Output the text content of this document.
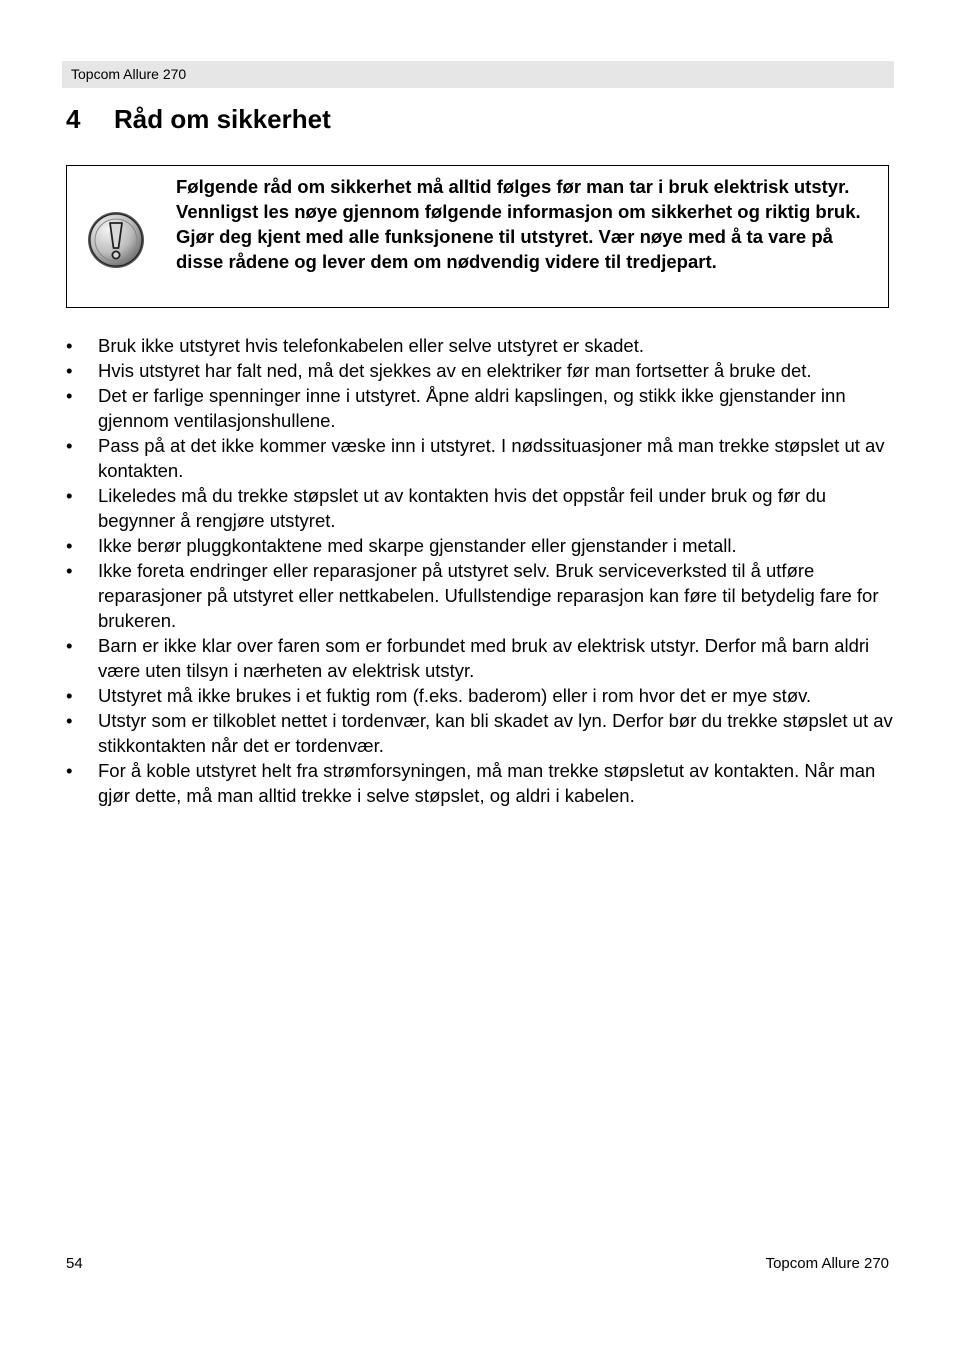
Topcom Allure 270
4 Råd om sikkerhet

Følgende råd om sikkerhet må alltid følges før man tar i bruk elektrisk utstyr.

Vennligst les nøye gjennom følgende informasjon om sikkerhet og riktig bruk. Gjør deg kjent med alle funksjonene til utstyret. Vær nøye med å ta vare på disse rådene og lever dem om nødvendig videre til tredjepart.

• Bruk ikke utstyret hvis telefonkabelen eller selve utstyret er skadet.
• Hvis utstyret har falt ned, må det sjekkes av en elektriker før man fortsetter å bruke det.
• Det er farlige spenninger inne i utstyret. Åpne aldri kapslingen, og stikk ikke gjenstander inn gjennom ventilasjonshullene.
• Pass på at det ikke kommer væske inn i utstyret. I nødssituasjoner må man trekke støpslet ut av kontakten.
• Likeledes må du trekke støpslet ut av kontakten hvis det oppstår feil under bruk og før du begynner å rengjøre utstyret.
• Ikke berør pluggkontaktene med skarpe gjenstander eller gjenstander i metall.
• Ikke foreta endringer eller reparasjoner på utstyret selv. Bruk serviceverksted til å utføre reparasjoner på utstyret eller nettkabelen. Ufullstendige reparasjon kan føre til betydelig fare for brukeren.
• Barn er ikke klar over faren som er forbundet med bruk av elektrisk utstyr. Derfor må barn aldri være uten tilsyn i nærheten av elektrisk utstyr.
• Utstyret må ikke brukes i et fuktig rom (f.eks. baderom) eller i rom hvor det er mye støv.
• Utstyr som er tilkoblet nettet i tordenvær, kan bli skadet av lyn. Derfor bør du trekke støpslet ut av stikkontakten når det er tordenvær.
• For å koble utstyret helt fra strømforsyningen, må man trekke støpsletut av kontakten. Når man gjør dette, må man alltid trekke i selve støpslet, og aldri i kabelen.
54	Topcom Allure 270
